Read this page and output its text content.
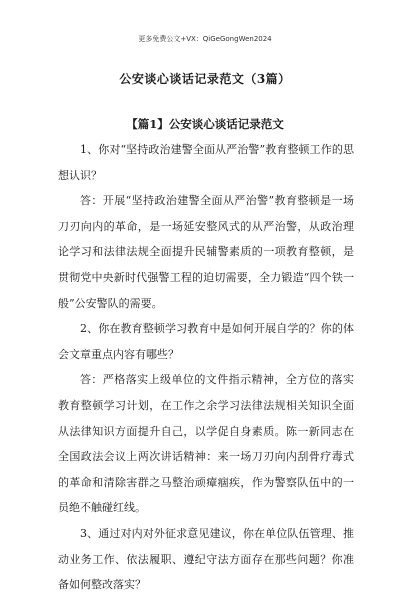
更多免费公文+VX：QiGeGongWen2024
公安谈心谈话记录范文（3篇）
【篇1】公安谈心谈话记录范文

1、你对“坚持政治建警全面从严治警”教育整顿工作的思想认识？

答：开展“坚持政治建警全面从严治警”教育整顿是一场刀刃向内的革命，是一场延安整风式的从严治警，从政治理论学习和法律法规全面提升民辅警素质的一项教育整顿，是贯彻党中央新时代强警工程的迫切需要，全力锻造“四个铁一般”公安警队的需要。

2、你在教育整顿学习教育中是如何开展自学的？你的体会文章重点内容有哪些？

答：严格落实上级单位的文件指示精神，全方位的落实教育整顿学习计划，在工作之余学习法律法规相关知识全面从法律知识方面提升自己，以学促自身素质。陈一新同志在全国政法会议上两次讲话精神：来一场刀刃向内刮骨疗毒式的革命和清除害群之马整治顽瘴痼疾，作为警察队伍中的一员绝不触碰红线。

3、通过对内对外征求意见建议，你在单位队伍管理、推动业务工作、依法履职、遵纪守法方面存在那些问题？你准备如何整改落实？
